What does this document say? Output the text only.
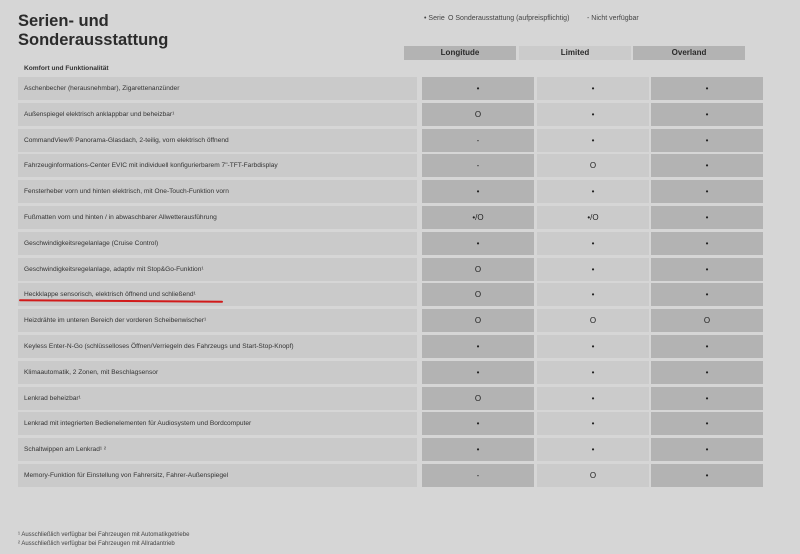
Serien- und
Sonderausstattung
• Serie O Sonderausstattung (aufpreispflichtig)	- Nicht verfügbar
Longitude	Limited	Overland
Komfort und Funktionalität
Aschenbecher (herausnehmbar), Zigarettenanzünder	•	•	•
Außenspiegel elektrisch anklappbar und beheizbar¹	O	•	•
CommandView® Panorama-Glasdach, 2-teilig, vorn elektrisch öffnend	-	•	•
Fahrzeuginformations-Center EVIC mit individuell konfigurierbarem 7"-TFT-Farbdisplay	-	O	•
Fensterheber vorn und hinten elektrisch, mit One-Touch-Funktion vorn	•	•	•
Fußmatten vorn und hinten / in abwaschbarer Allwetterausführung	•/O	•/O	•
Geschwindigkeitsregelanlage (Cruise Control)	•	•	•
Geschwindigkeitsregelanlage, adaptiv mit Stop&Go-Funktion¹	O	•	•
Heckklappe sensorisch, elektrisch öffnend und schließend¹	O	•	•
Heizdrähte im unteren Bereich der vorderen Scheibenwischer¹	O	O	O
Keyless Enter-N-Go (schlüsselloses Öffnen/Verriegeln des Fahrzeugs und Start-Stop-Knopf)	•	•	•
Klimaautomatik, 2 Zonen, mit Beschlagsensor	•	•	•
Lenkrad beheizbar¹	O	•	•
Lenkrad mit integrierten Bedienelementen für Audiosystem und Bordcomputer	•	•	•
Schaltwippen am Lenkrad¹ ²	•	•	•
Memory-Funktion für Einstellung von Fahrersitz, Fahrer-Außenspiegel	-	O	•
¹ Ausschließlich verfügbar bei Fahrzeugen mit Automatikgetriebe
² Ausschließlich verfügbar bei Fahrzeugen mit Allradantrieb
